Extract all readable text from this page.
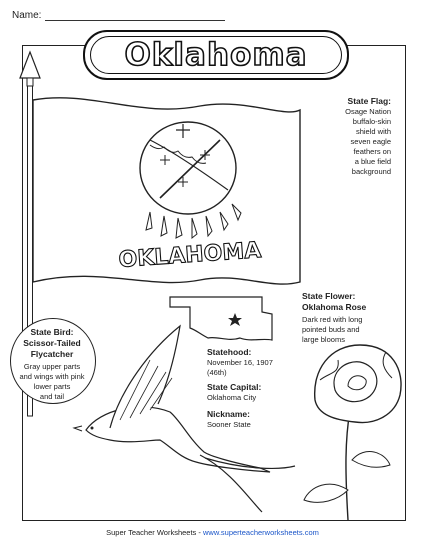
Name:
OKLAHOMA
Oklahoma
State Flag:
Osage Nation
buffalo-skin
shield with
seven eagle
feathers on
a blue field
background
State Flower:
Oklahoma Rose
Dark red with long
pointed buds and
large blooms
State Bird:
Scissor-Tailed
Flycatcher
Gray upper parts
and wings with pink
lower parts
and tail
Statehood:
November 16, 1907
(46th)
State Capital:
Oklahoma City
Nickname:
Sooner State
Super Teacher Worksheets - www.superteacherworksheets.com
